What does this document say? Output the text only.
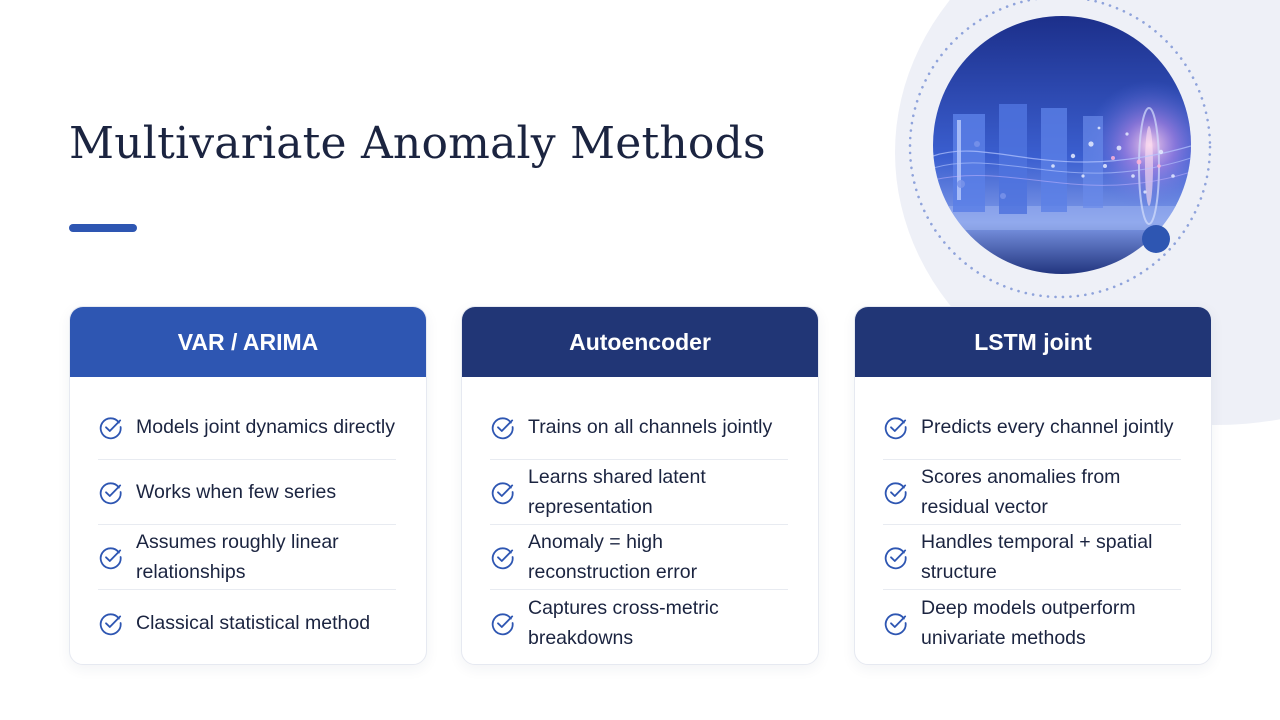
Multivariate Anomaly Methods
VAR / ARIMA
Models joint dynamics directly
Works when few series
Assumes roughly linear relationships
Classical statistical method
Autoencoder
Trains on all channels jointly
Learns shared latent representation
Anomaly = high reconstruction error
Captures cross-metric breakdowns
LSTM joint
Predicts every channel jointly
Scores anomalies from residual vector
Handles temporal + spatial structure
Deep models outperform univariate methods
